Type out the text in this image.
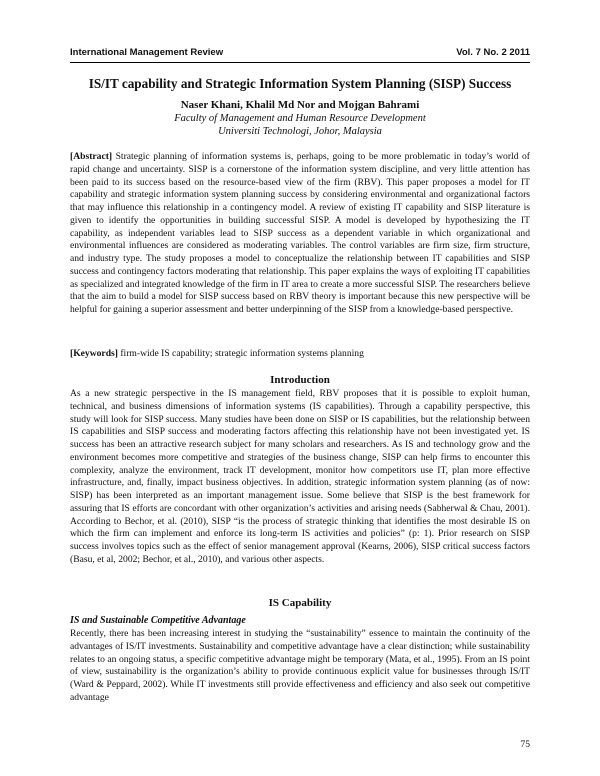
International Management Review	Vol. 7 No. 2 2011
IS/IT capability and Strategic Information System Planning (SISP) Success
Naser Khani, Khalil Md Nor and Mojgan Bahrami
Faculty of Management and Human Resource Development
Universiti Technologi, Johor, Malaysia

[Abstract] Strategic planning of information systems is, perhaps, going to be more problematic in today’s world of rapid change and uncertainty. SISP is a cornerstone of the information system discipline, and very little attention has been paid to its success based on the resource-based view of the firm (RBV). This paper proposes a model for IT capability and strategic information system planning success by considering environmental and organizational factors that may influence this relationship in a contingency model. A review of existing IT capability and SISP literature is given to identify the opportunities in building successful SISP. A model is developed by hypothesizing the IT capability, as independent variables lead to SISP success as a dependent variable in which organizational and environmental influences are considered as moderating variables. The control variables are firm size, firm structure, and industry type. The study proposes a model to conceptualize the relationship between IT capabilities and SISP success and contingency factors moderating that relationship. This paper explains the ways of exploiting IT capabilities as specialized and integrated knowledge of the firm in IT area to create a more successful SISP. The researchers believe that the aim to build a model for SISP success based on RBV theory is important because this new perspective will be helpful for gaining a superior assessment and better underpinning of the SISP from a knowledge-based perspective.

[Keywords] firm-wide IS capability; strategic information systems planning

Introduction

As a new strategic perspective in the IS management field, RBV proposes that it is possible to exploit human, technical, and business dimensions of information systems (IS capabilities). Through a capability perspective, this study will look for SISP success. Many studies have been done on SISP or IS capabilities, but the relationship between IS capabilities and SISP success and moderating factors affecting this relationship have not been investigated yet. IS success has been an attractive research subject for many scholars and researchers. As IS and technology grow and the environment becomes more competitive and strategies of the business change, SISP can help firms to encounter this complexity, analyze the environment, track IT development, monitor how competitors use IT, plan more effective infrastructure, and, finally, impact business objectives. In addition, strategic information system planning (as of now: SISP) has been interpreted as an important management issue. Some believe that SISP is the best framework for assuring that IS efforts are concordant with other organization’s activities and arising needs (Sabherwal & Chau, 2001). According to Bechor, et al. (2010), SISP “is the process of strategic thinking that identifies the most desirable IS on which the firm can implement and enforce its long-term IS activities and policies” (p: 1). Prior research on SISP success involves topics such as the effect of senior management approval (Kearns, 2006), SISP critical success factors (Basu, et al, 2002; Bechor, et al., 2010), and various other aspects.

IS Capability
IS and Sustainable Competitive Advantage

Recently, there has been increasing interest in studying the “sustainability” essence to maintain the continuity of the advantages of IS/IT investments. Sustainability and competitive advantage have a clear distinction; while sustainability relates to an ongoing status, a specific competitive advantage might be temporary (Mata, et al., 1995). From an IS point of view, sustainability is the organization’s ability to provide continuous explicit value for businesses through IS/IT (Ward & Peppard, 2002). While IT investments still provide effectiveness and efficiency and also seek out competitive advantage

75
